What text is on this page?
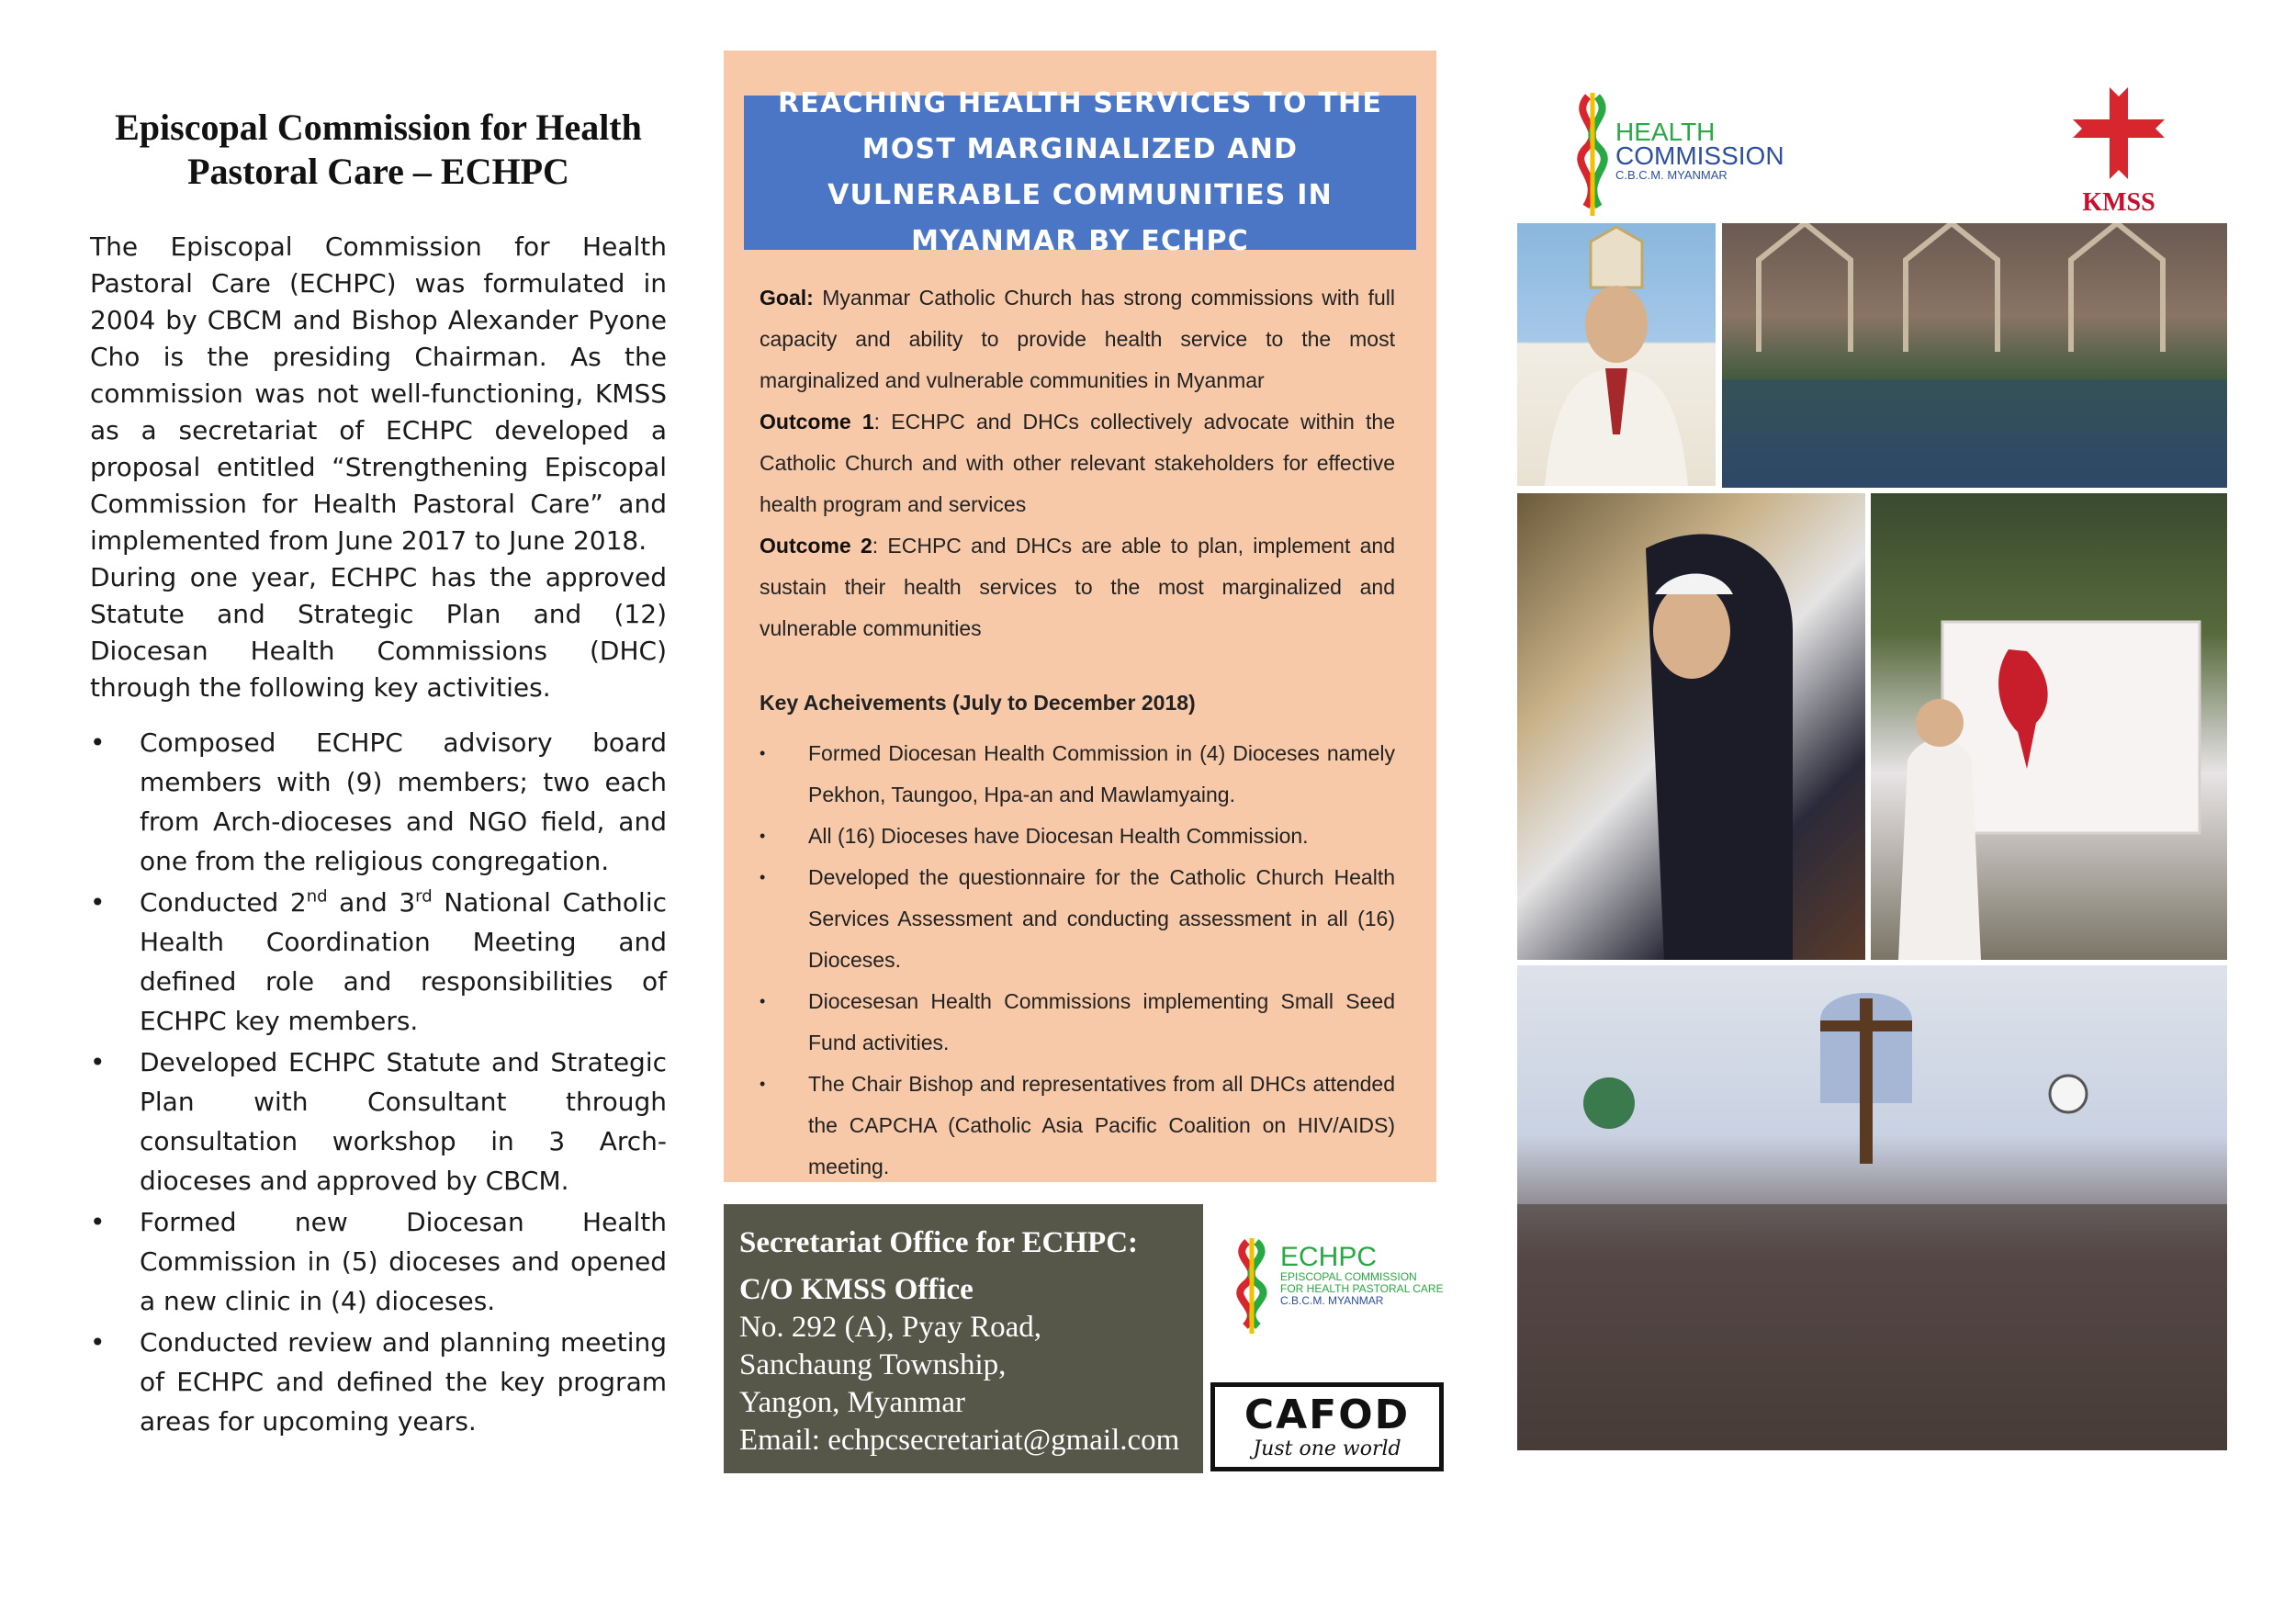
Episcopal Commission for Health Pastoral Care – ECHPC

The Episcopal Commission for Health Pastoral Care (ECHPC) was formulated in 2004 by CBCM and Bishop Alexander Pyone Cho is the presiding Chairman. As the commission was not well-functioning, KMSS as a secretariat of ECHPC developed a proposal entitled “Strengthening Episcopal Commission for Health Pastoral Care” and implemented from June 2017 to June 2018.

During one year, ECHPC has the approved Statute and Strategic Plan and (12) Diocesan Health Commissions (DHC) through the following key activities.

• Composed ECHPC advisory board members with (9) members; two each from Arch-dioceses and NGO field, and one from the religious congregation.
• Conducted 2nd and 3rd National Catholic Health Coordination Meeting and defined role and responsibilities of ECHPC key members.
• Developed ECHPC Statute and Strategic Plan with Consultant through consultation workshop in 3 Arch-dioceses and approved by CBCM.
• Formed new Diocesan Health Commission in (5) dioceses and opened a new clinic in (4) dioceses.
• Conducted review and planning meeting of ECHPC and defined the key program areas for upcoming years.
REACHING HEALTH SERVICES TO THE MOST MARGINALIZED AND VULNERABLE COMMUNITIES IN MYANMAR BY ECHPC

Goal: Myanmar Catholic Church has strong commissions with full capacity and ability to provide health service to the most marginalized and vulnerable communities in Myanmar

Outcome 1: ECHPC and DHCs collectively advocate within the Catholic Church and with other relevant stakeholders for effective health program and services

Outcome 2: ECHPC and DHCs are able to plan, implement and sustain their health services to the most marginalized and vulnerable communities

Key Acheivements (July to December 2018)

• Formed Diocesan Health Commission in (4) Dioceses namely Pekhon, Taungoo, Hpa-an and Mawlamyaing.
• All (16) Dioceses have Diocesan Health Commission.
• Developed the questionnaire for the Catholic Church Health Services Assessment and conducting assessment in all (16) Dioceses.
• Diocesesan Health Commissions implementing Small Seed Fund activities.
• The Chair Bishop and representatives from all DHCs attended the CAPCHA (Catholic Asia Pacific Coalition on HIV/AIDS) meeting.
Secretariat Office for ECHPC:
C/O KMSS Office
No. 292 (A), Pyay Road,
Sanchaung Township,
Yangon, Myanmar
Email: echpcsecretariat@gmail.com
ECHPC
EPISCOPAL COMMISSION
FOR HEALTH PASTORAL CARE
C.B.C.M. MYANMAR
CAFOD
Just one world
HEALTH
COMMISSION
C.B.C.M. MYANMAR
KMSS
